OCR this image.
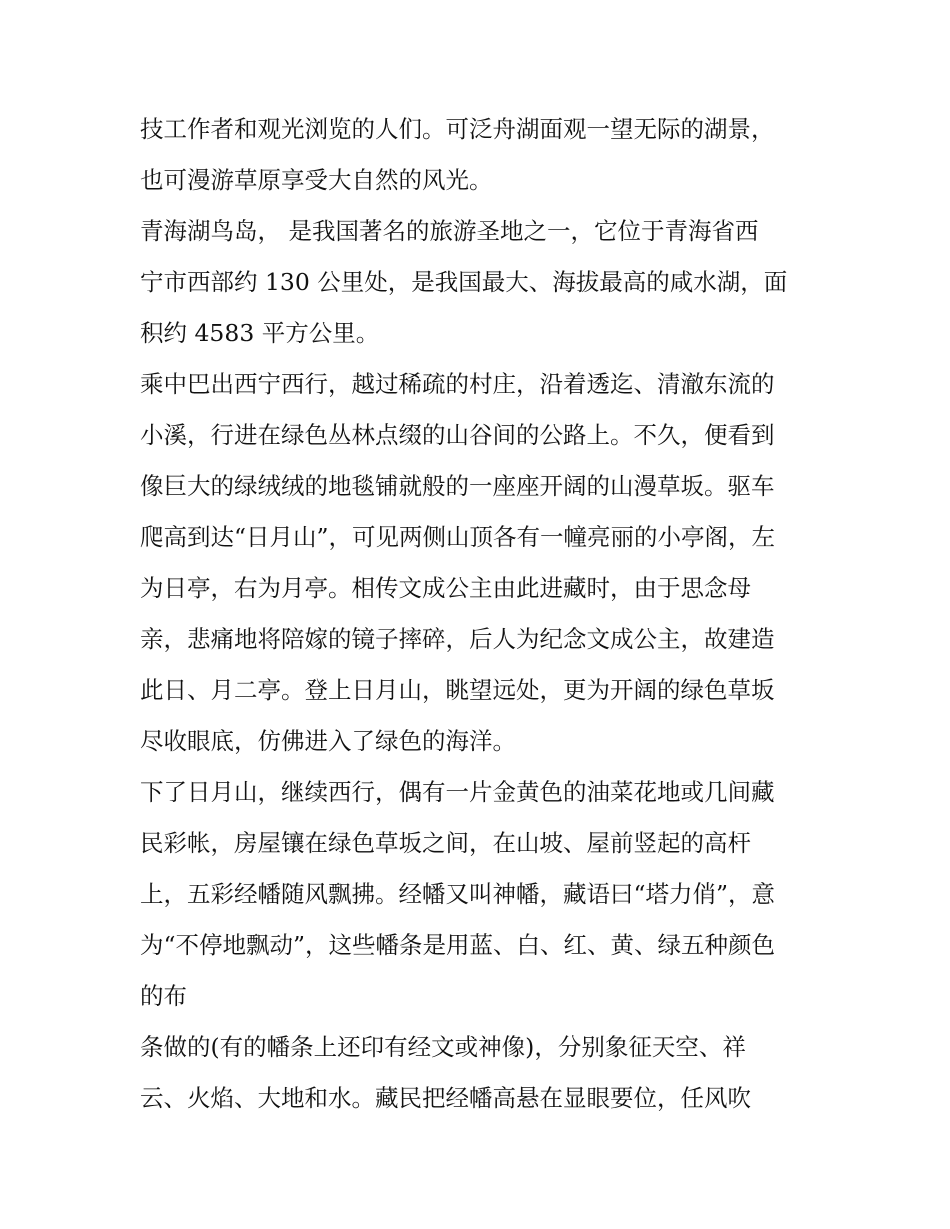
技工作者和观光浏览的人们。可泛舟湖面观一望无际的湖景，
也可漫游草原享受大自然的风光。
青海湖鸟岛， 是我国著名的旅游圣地之一，它位于青海省西
宁市西部约 130 公里处，是我国最大、海拔最高的咸水湖，面
积约 4583 平方公里。
乘中巴出西宁西行，越过稀疏的村庄，沿着透迄、清澈东流的
小溪，行进在绿色丛林点缀的山谷间的公路上。不久，便看到
像巨大的绿绒绒的地毯铺就般的一座座开阔的山漫草坂。驱车
爬高到达“日月山”，可见两侧山顶各有一幢亮丽的小亭阁，左
为日亭，右为月亭。相传文成公主由此进藏时，由于思念母
亲，悲痛地将陪嫁的镜子摔碎，后人为纪念文成公主，故建造
此日、月二亭。登上日月山，眺望远处，更为开阔的绿色草坂
尽收眼底，仿佛进入了绿色的海洋。
下了日月山，继续西行，偶有一片金黄色的油菜花地或几间藏
民彩帐，房屋镶在绿色草坂之间，在山坡、屋前竖起的高杆
上，五彩经幡随风飘拂。经幡又叫神幡，藏语曰“塔力俏”，意
为“不停地飘动”，这些幡条是用蓝、白、红、黄、绿五种颜色
的布
条做的(有的幡条上还印有经文或神像)，分别象征天空、祥
云、火焰、大地和水。藏民把经幡高悬在显眼要位，任风吹
